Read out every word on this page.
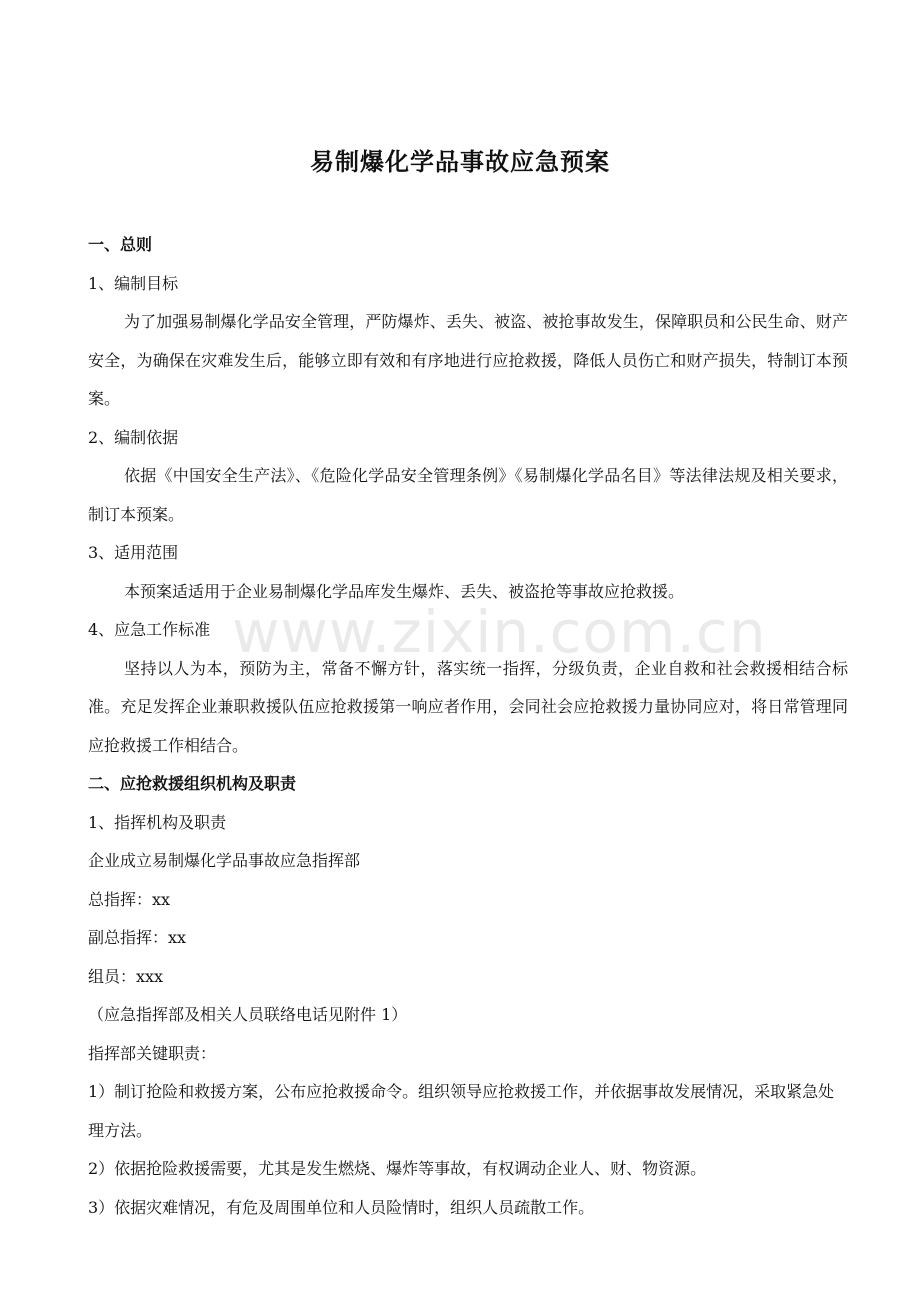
www.zixin.com.cn
易制爆化学品事故应急预案

一、总则

1、编制目标

为了加强易制爆化学品安全管理，严防爆炸、丢失、被盗、被抢事故发生，保障职员和公民生命、财产安全，为确保在灾难发生后，能够立即有效和有序地进行应抢救援，降低人员伤亡和财产损失，特制订本预案。

2、编制依据

依据《中国安全生产法》、《危险化学品安全管理条例》《易制爆化学品名目》等法律法规及相关要求，制订本预案。

3、适用范围

本预案适适用于企业易制爆化学品库发生爆炸、丢失、被盗抢等事故应抢救援。

4、应急工作标准

坚持以人为本，预防为主，常备不懈方针，落实统一指挥，分级负责，企业自救和社会救援相结合标准。充足发挥企业兼职救援队伍应抢救援第一响应者作用，会同社会应抢救援力量协同应对，将日常管理同应抢救援工作相结合。

二、应抢救援组织机构及职责

1、指挥机构及职责

企业成立易制爆化学品事故应急指挥部

总指挥：xx

副总指挥：xx

组员：xxx

（应急指挥部及相关人员联络电话见附件 1）

指挥部关键职责：

1）制订抢险和救援方案，公布应抢救援命令。组织领导应抢救援工作，并依据事故发展情况，采取紧急处理方法。

2）依据抢险救援需要，尤其是发生燃烧、爆炸等事故，有权调动企业人、财、物资源。

3）依据灾难情况，有危及周围单位和人员险情时，组织人员疏散工作。
